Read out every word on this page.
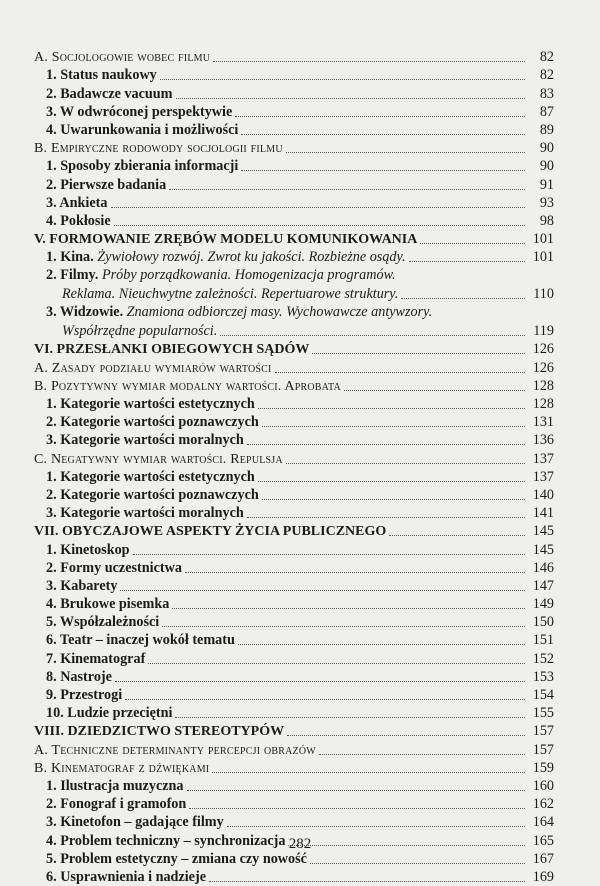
A. Socjologowie wobec filmu	82
1. Status naukowy	82
2. Badawcze vacuum	83
3. W odwróconej perspektywie	87
4. Uwarunkowania i możliwości	89
B. Empiryczne rodowody socjologii filmu	90
1. Sposoby zbierania informacji	90
2. Pierwsze badania	91
3. Ankieta	93
4. Pokłosie	98
V. FORMOWANIE ZRĘBÓW MODELU KOMUNIKOWANIA	101
1. Kina. Żywiołowy rozwój. Zwrot ku jakości. Rozbieżne osądy.	101
2. Filmy. Próby porządkowania. Homogenizacja programów.
Reklama. Nieuchwytne zależności. Repertuarowe struktury.	110
3. Widzowie. Znamiona odbiorczej masy. Wychowawcze antywzory.
Współrzędne popularności.	119
VI. PRZESŁANKI OBIEGOWYCH SĄDÓW	126
A. Zasady podziału wymiarów wartości	126
B. Pozytywny wymiar modalny wartości. Aprobata	128
1. Kategorie wartości estetycznych	128
2. Kategorie wartości poznawczych	131
3. Kategorie wartości moralnych	136
C. Negatywny wymiar wartości. Repulsja	137
1. Kategorie wartości estetycznych	137
2. Kategorie wartości poznawczych	140
3. Kategorie wartości moralnych	141
VII. OBYCZAJOWE ASPEKTY ŻYCIA PUBLICZNEGO	145
1. Kinetoskop	145
2. Formy uczestnictwa	146
3. Kabarety	147
4. Brukowe pisemka	149
5. Współzależności	150
6. Teatr – inaczej wokół tematu	151
7. Kinematograf	152
8. Nastroje	153
9. Przestrogi	154
10. Ludzie przeciętni	155
VIII. DZIEDZICTWO STEREOTYPÓW	157
A. Techniczne determinanty percepcji obrazów	157
B. Kinematograf z dźwiękami	159
1. Ilustracja muzyczna	160
2. Fonograf i gramofon	162
3. Kinetofon – gadające filmy	164
4. Problem techniczny – synchronizacja	165
5. Problem estetyczny – zmiana czy nowość	167
6. Usprawnienia i nadzieje	169
282
